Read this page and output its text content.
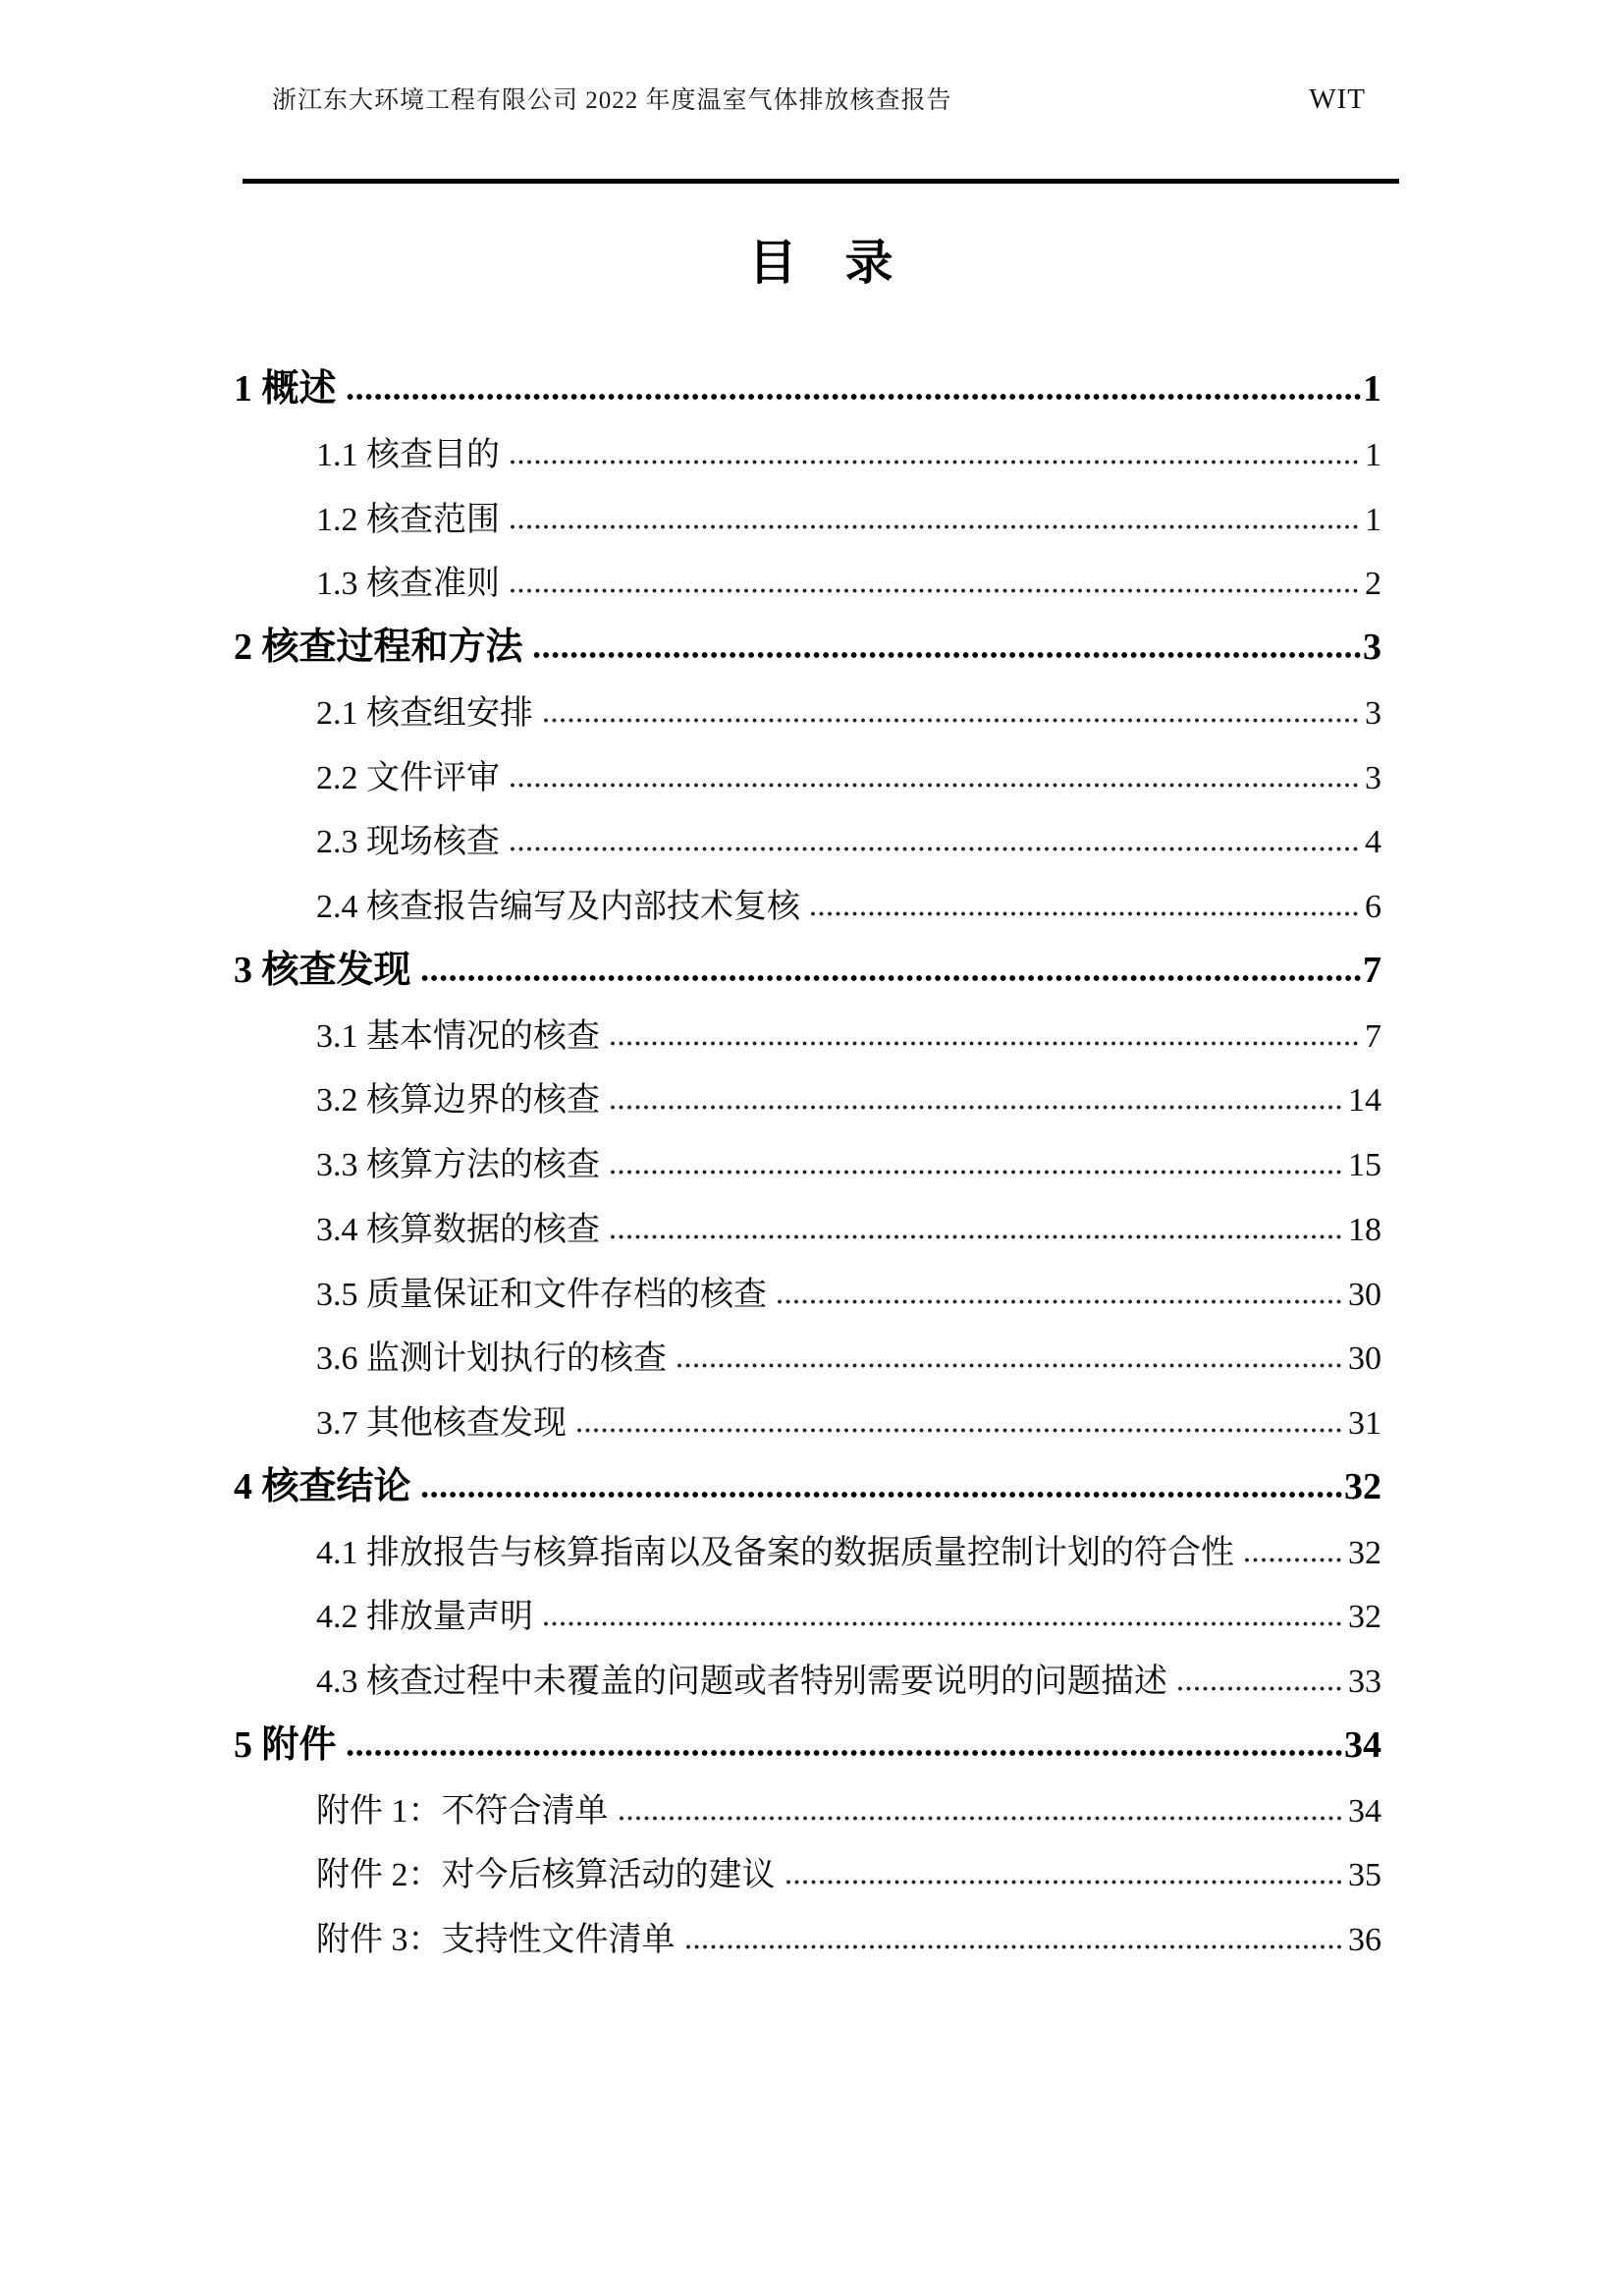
浙江东大环境工程有限公司 2022 年度温室气体排放核查报告	WIT
目　录
1 概述	1
1.1 核查目的	1
1.2 核查范围	1
1.3 核查准则	2
2 核查过程和方法	3
2.1 核查组安排	3
2.2 文件评审	3
2.3 现场核查	4
2.4 核查报告编写及内部技术复核	6
3 核查发现	7
3.1 基本情况的核查	7
3.2 核算边界的核查	14
3.3 核算方法的核查	15
3.4 核算数据的核查	18
3.5 质量保证和文件存档的核查	30
3.6 监测计划执行的核查	30
3.7 其他核查发现	31
4 核查结论	32
4.1 排放报告与核算指南以及备案的数据质量控制计划的符合性	32
4.2 排放量声明	32
4.3 核查过程中未覆盖的问题或者特别需要说明的问题描述	33
5 附件	34
附件 1：不符合清单	34
附件 2：对今后核算活动的建议	35
附件 3：支持性文件清单	36
